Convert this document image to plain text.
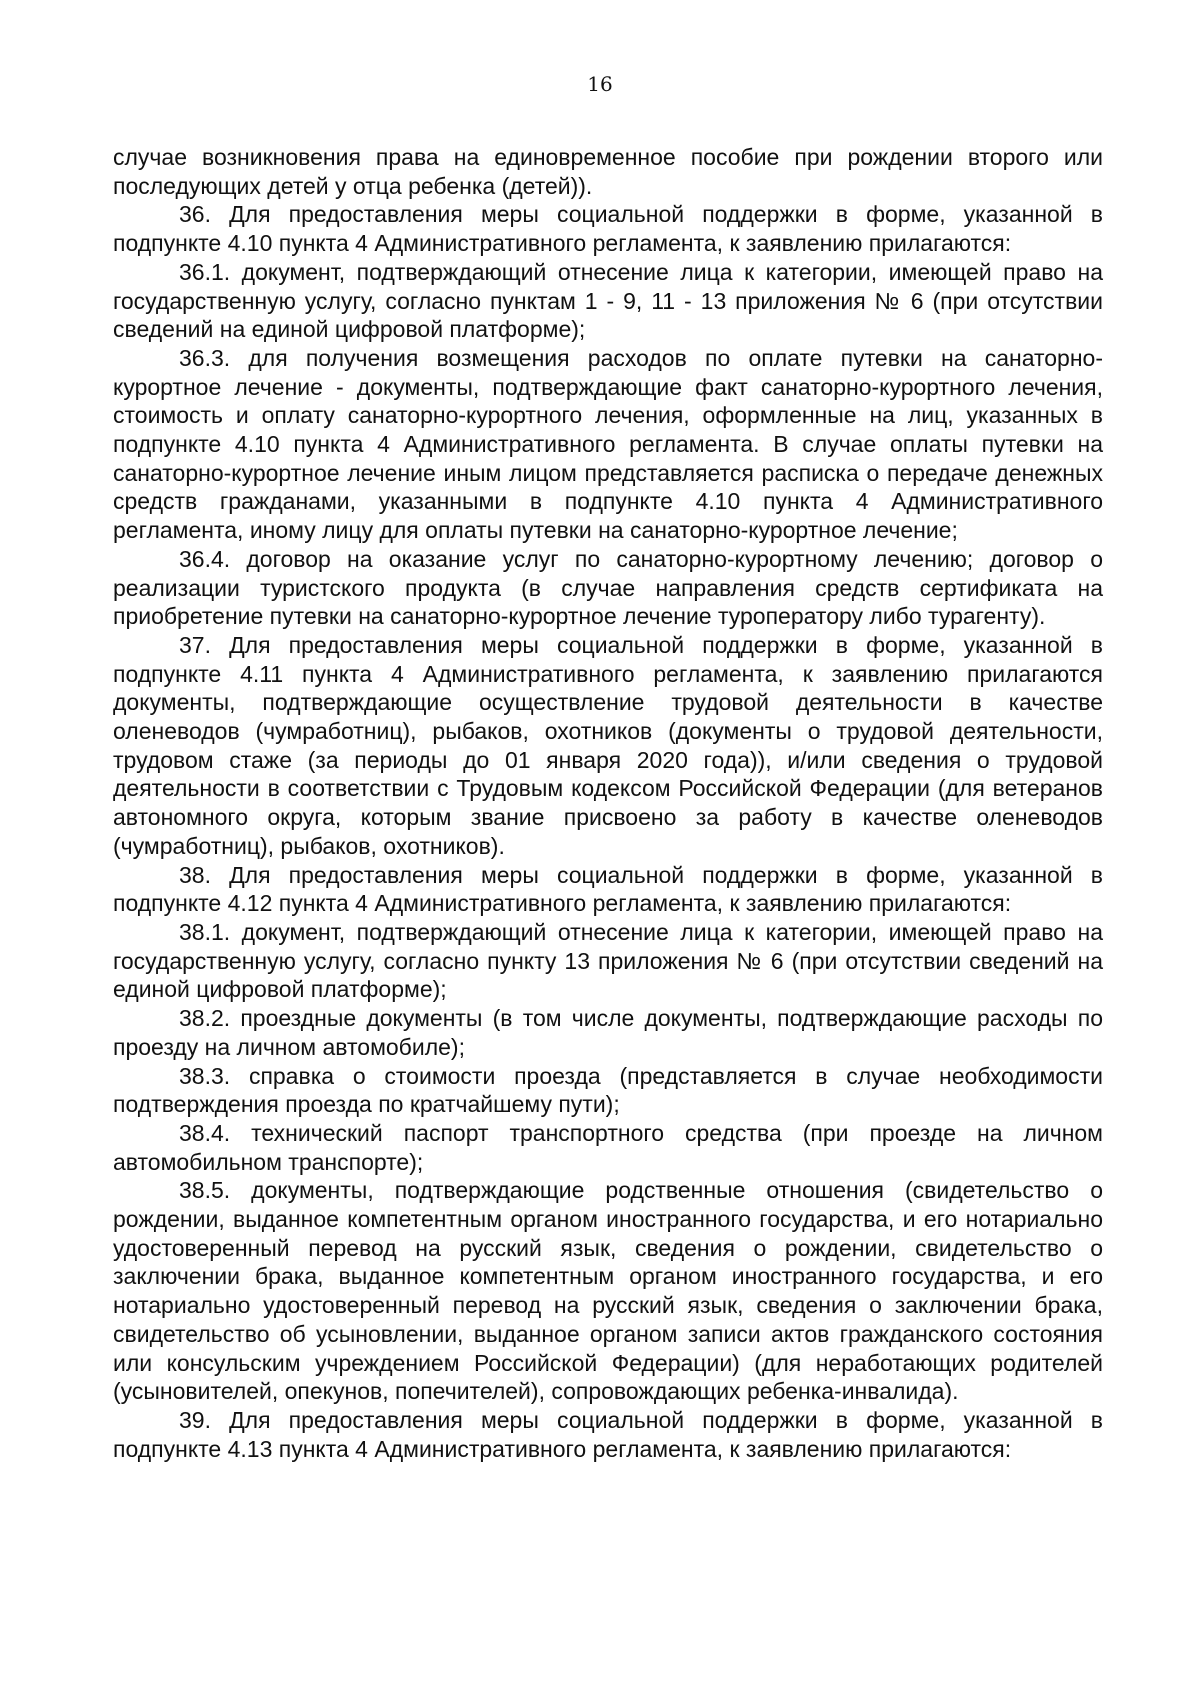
16

случае возникновения права на единовременное пособие при рождении второго или последующих детей у отца ребенка (детей)).

36. Для предоставления меры социальной поддержки в форме, указанной в подпункте 4.10 пункта 4 Административного регламента, к заявлению прилагаются:

36.1. документ, подтверждающий отнесение лица к категории, имеющей право на государственную услугу, согласно пунктам 1 - 9, 11 - 13 приложения № 6 (при отсутствии сведений на единой цифровой платформе);

36.3. для получения возмещения расходов по оплате путевки на санаторно-курортное лечение - документы, подтверждающие факт санаторно-курортного лечения, стоимость и оплату санаторно-курортного лечения, оформленные на лиц, указанных в подпункте 4.10 пункта 4 Административного регламента. В случае оплаты путевки на санаторно-курортное лечение иным лицом представляется расписка о передаче денежных средств гражданами, указанными в подпункте 4.10 пункта 4 Административного регламента, иному лицу для оплаты путевки на санаторно-курортное лечение;

36.4. договор на оказание услуг по санаторно-курортному лечению; договор о реализации туристского продукта (в случае направления средств сертификата на приобретение путевки на санаторно-курортное лечение туроператору либо турагенту).

37. Для предоставления меры социальной поддержки в форме, указанной в подпункте 4.11 пункта 4 Административного регламента, к заявлению прилагаются документы, подтверждающие осуществление трудовой деятельности в качестве оленеводов (чумработниц), рыбаков, охотников (документы о трудовой деятельности, трудовом стаже (за периоды до 01 января 2020 года)), и/или сведения о трудовой деятельности в соответствии с Трудовым кодексом Российской Федерации (для ветеранов автономного округа, которым звание присвоено за работу в качестве оленеводов (чумработниц), рыбаков, охотников).

38. Для предоставления меры социальной поддержки в форме, указанной в подпункте 4.12 пункта 4 Административного регламента, к заявлению прилагаются:

38.1. документ, подтверждающий отнесение лица к категории, имеющей право на государственную услугу, согласно пункту 13 приложения № 6 (при отсутствии сведений на единой цифровой платформе);

38.2. проездные документы (в том числе документы, подтверждающие расходы по проезду на личном автомобиле);

38.3. справка о стоимости проезда (представляется в случае необходимости подтверждения проезда по кратчайшему пути);

38.4. технический паспорт транспортного средства (при проезде на личном автомобильном транспорте);

38.5. документы, подтверждающие родственные отношения (свидетельство о рождении, выданное компетентным органом иностранного государства, и его нотариально удостоверенный перевод на русский язык, сведения о рождении, свидетельство о заключении брака, выданное компетентным органом иностранного государства, и его нотариально удостоверенный перевод на русский язык, сведения о заключении брака, свидетельство об усыновлении, выданное органом записи актов гражданского состояния или консульским учреждением Российской Федерации) (для неработающих родителей (усыновителей, опекунов, попечителей), сопровождающих ребенка-инвалида).

39. Для предоставления меры социальной поддержки в форме, указанной в подпункте 4.13 пункта 4 Административного регламента, к заявлению прилагаются:
